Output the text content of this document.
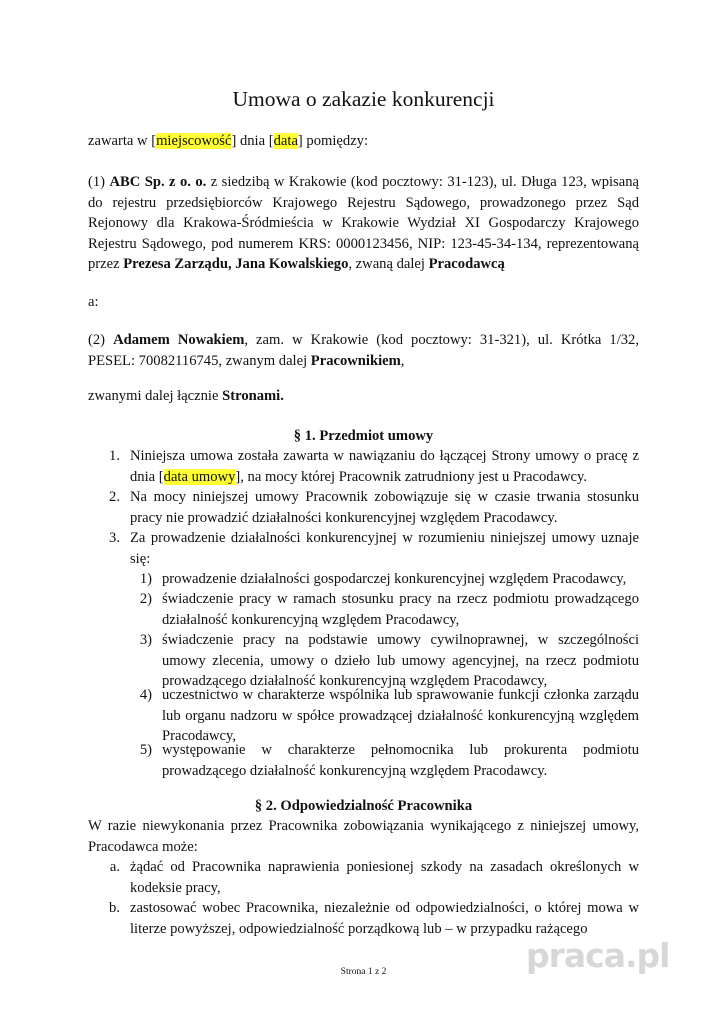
Umowa o zakazie konkurencji
zawarta w [miejscowość] dnia [data] pomiędzy:
(1) ABC Sp. z o. o. z siedzibą w Krakowie (kod pocztowy: 31-123), ul. Długa 123, wpisaną do rejestru przedsiębiorców Krajowego Rejestru Sądowego, prowadzonego przez Sąd Rejonowy dla Krakowa-Śródmieścia w Krakowie Wydział XI Gospodarczy Krajowego Rejestru Sądowego, pod numerem KRS: 0000123456, NIP: 123-45-34-134, reprezentowaną przez Prezesa Zarządu, Jana Kowalskiego, zwaną dalej Pracodawcą
a:
(2) Adamem Nowakiem, zam. w Krakowie (kod pocztowy: 31-321), ul. Krótka 1/32, PESEL: 70082116745, zwanym dalej Pracownikiem,
zwanymi dalej łącznie Stronami.
§ 1. Przedmiot umowy
1. Niniejsza umowa została zawarta w nawiązaniu do łączącej Strony umowy o pracę z dnia [data umowy], na mocy której Pracownik zatrudniony jest u Pracodawcy.
2. Na mocy niniejszej umowy Pracownik zobowiązuje się w czasie trwania stosunku pracy nie prowadzić działalności konkurencyjnej względem Pracodawcy.
3. Za prowadzenie działalności konkurencyjnej w rozumieniu niniejszej umowy uznaje się:
1) prowadzenie działalności gospodarczej konkurencyjnej względem Pracodawcy,
2) świadczenie pracy w ramach stosunku pracy na rzecz podmiotu prowadzącego działalność konkurencyjną względem Pracodawcy,
3) świadczenie pracy na podstawie umowy cywilnoprawnej, w szczególności umowy zlecenia, umowy o dzieło lub umowy agencyjnej, na rzecz podmiotu prowadzącego działalność konkurencyjną względem Pracodawcy,
4) uczestnictwo w charakterze wspólnika lub sprawowanie funkcji członka zarządu lub organu nadzoru w spółce prowadzącej działalność konkurencyjną względem Pracodawcy,
5) występowanie w charakterze pełnomocnika lub prokurenta podmiotu prowadzącego działalność konkurencyjną względem Pracodawcy.
§ 2. Odpowiedzialność Pracownika
W razie niewykonania przez Pracownika zobowiązania wynikającego z niniejszej umowy, Pracodawca może:
a. żądać od Pracownika naprawienia poniesionej szkody na zasadach określonych w kodeksie pracy,
b. zastosować wobec Pracownika, niezależnie od odpowiedzialności, o której mowa w literze powyższej, odpowiedzialność porządkową lub – w przypadku rażącego
Strona 1 z 2	praca.pl
